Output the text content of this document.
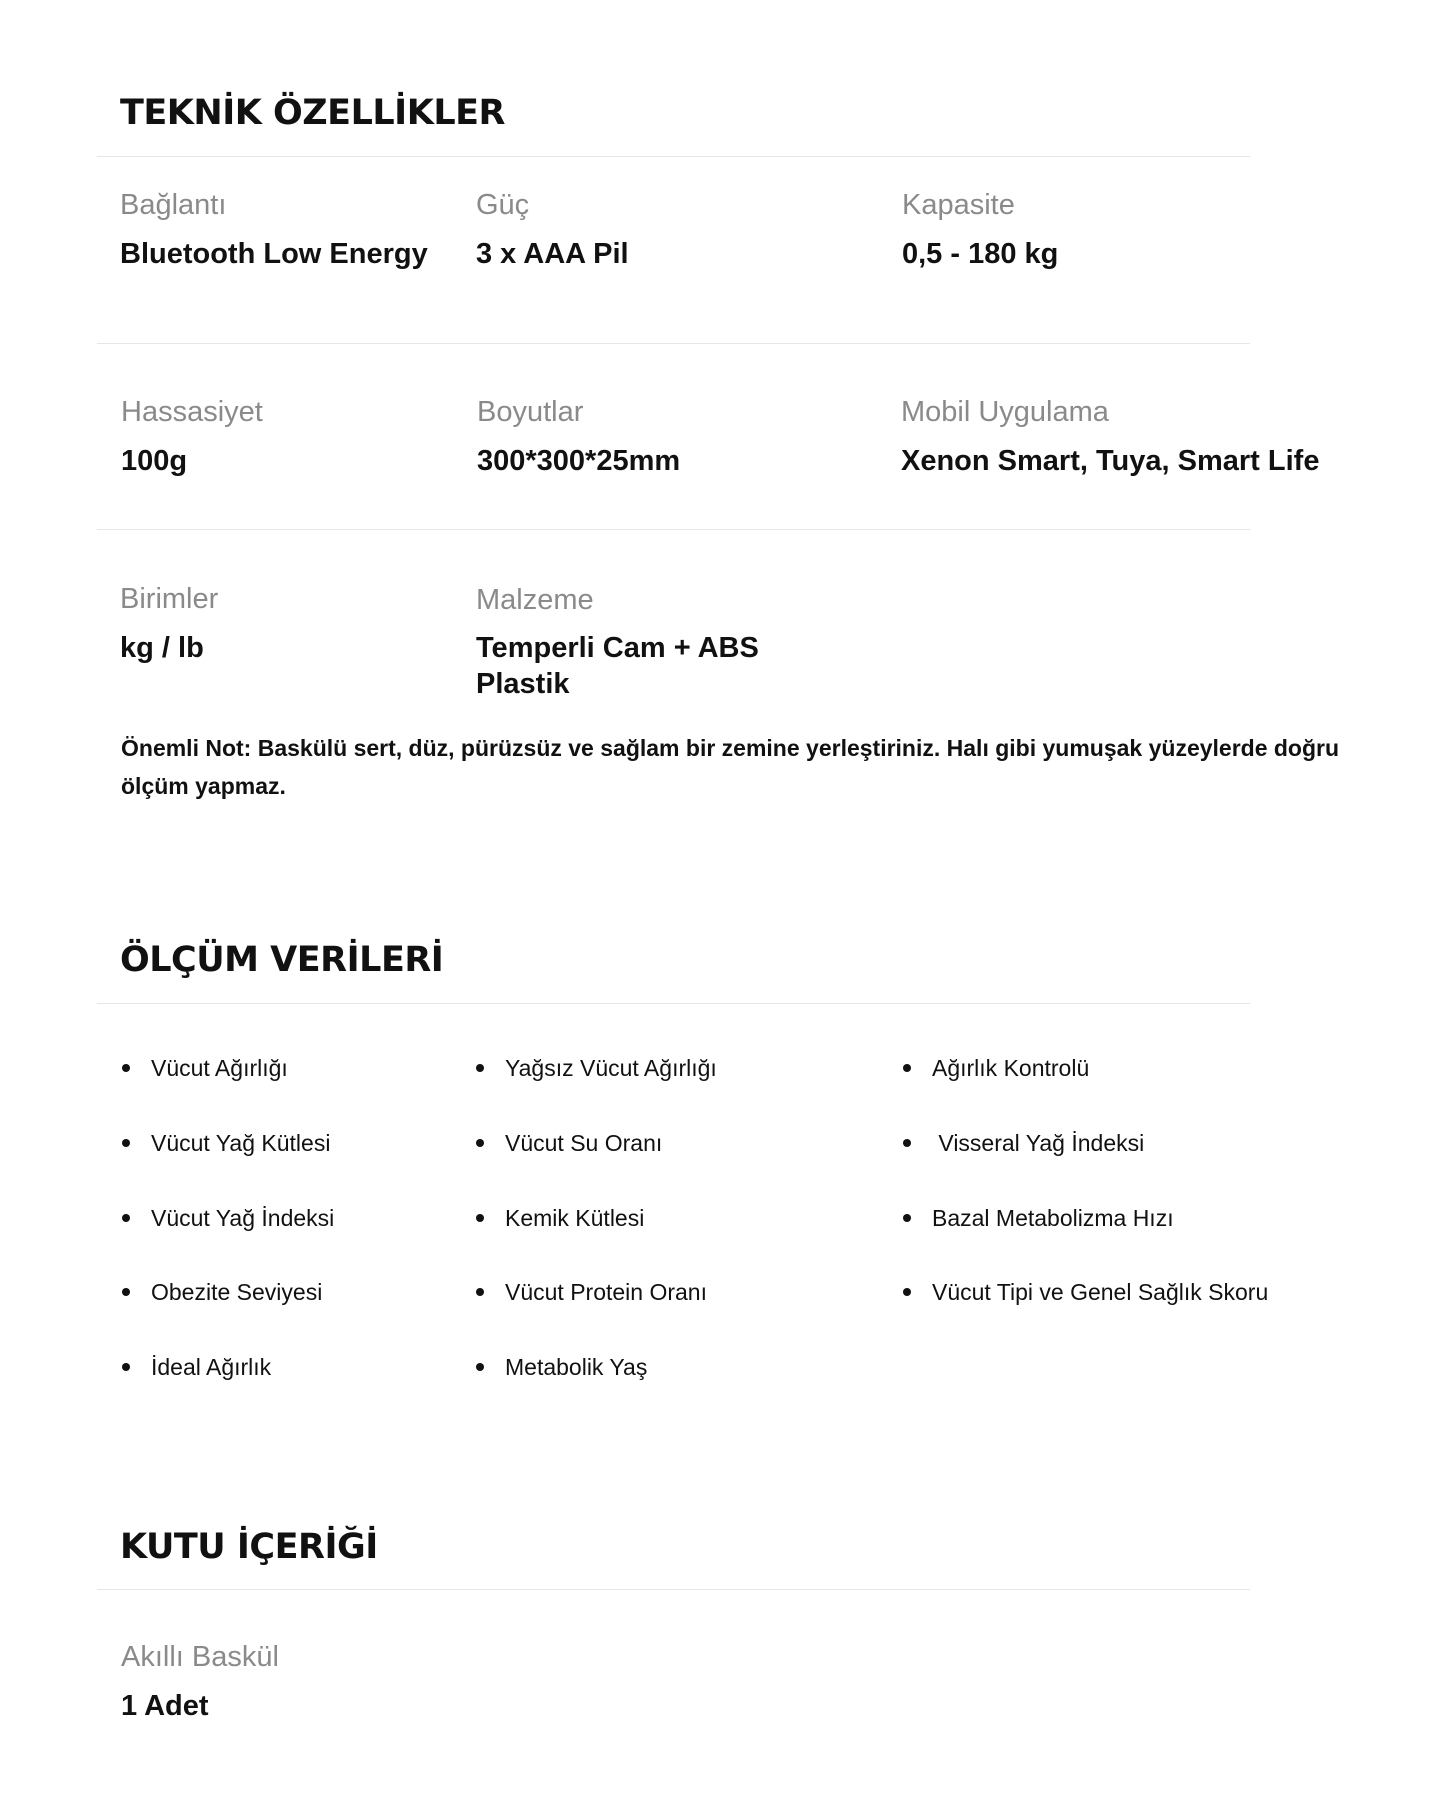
TEKNİK ÖZELLİKLER
Bağlantı
Bluetooth Low Energy
Güç
3 x AAA Pil
Kapasite
0,5 - 180 kg
Hassasiyet
100g
Boyutlar
300*300*25mm
Mobil Uygulama
Xenon Smart, Tuya, Smart Life
Birimler
kg / lb
Malzeme
Temperli Cam + ABS Plastik

Önemli Not: Baskülü sert, düz, pürüzsüz ve sağlam bir zemine yerleştiriniz. Halı gibi yumuşak yüzeylerde doğru ölçüm yapmaz.

ÖLÇÜM VERİLERİ
Vücut Ağırlığı
Vücut Yağ Kütlesi
Vücut Yağ İndeksi
Obezite Seviyesi
İdeal Ağırlık
Yağsız Vücut Ağırlığı
Vücut Su Oranı
Kemik Kütlesi
Vücut Protein Oranı
Metabolik Yaş
Ağırlık Kontrolü
Visseral Yağ İndeksi
Bazal Metabolizma Hızı
Vücut Tipi ve Genel Sağlık Skoru
KUTU İÇERİĞİ
Akıllı Baskül
1 Adet
